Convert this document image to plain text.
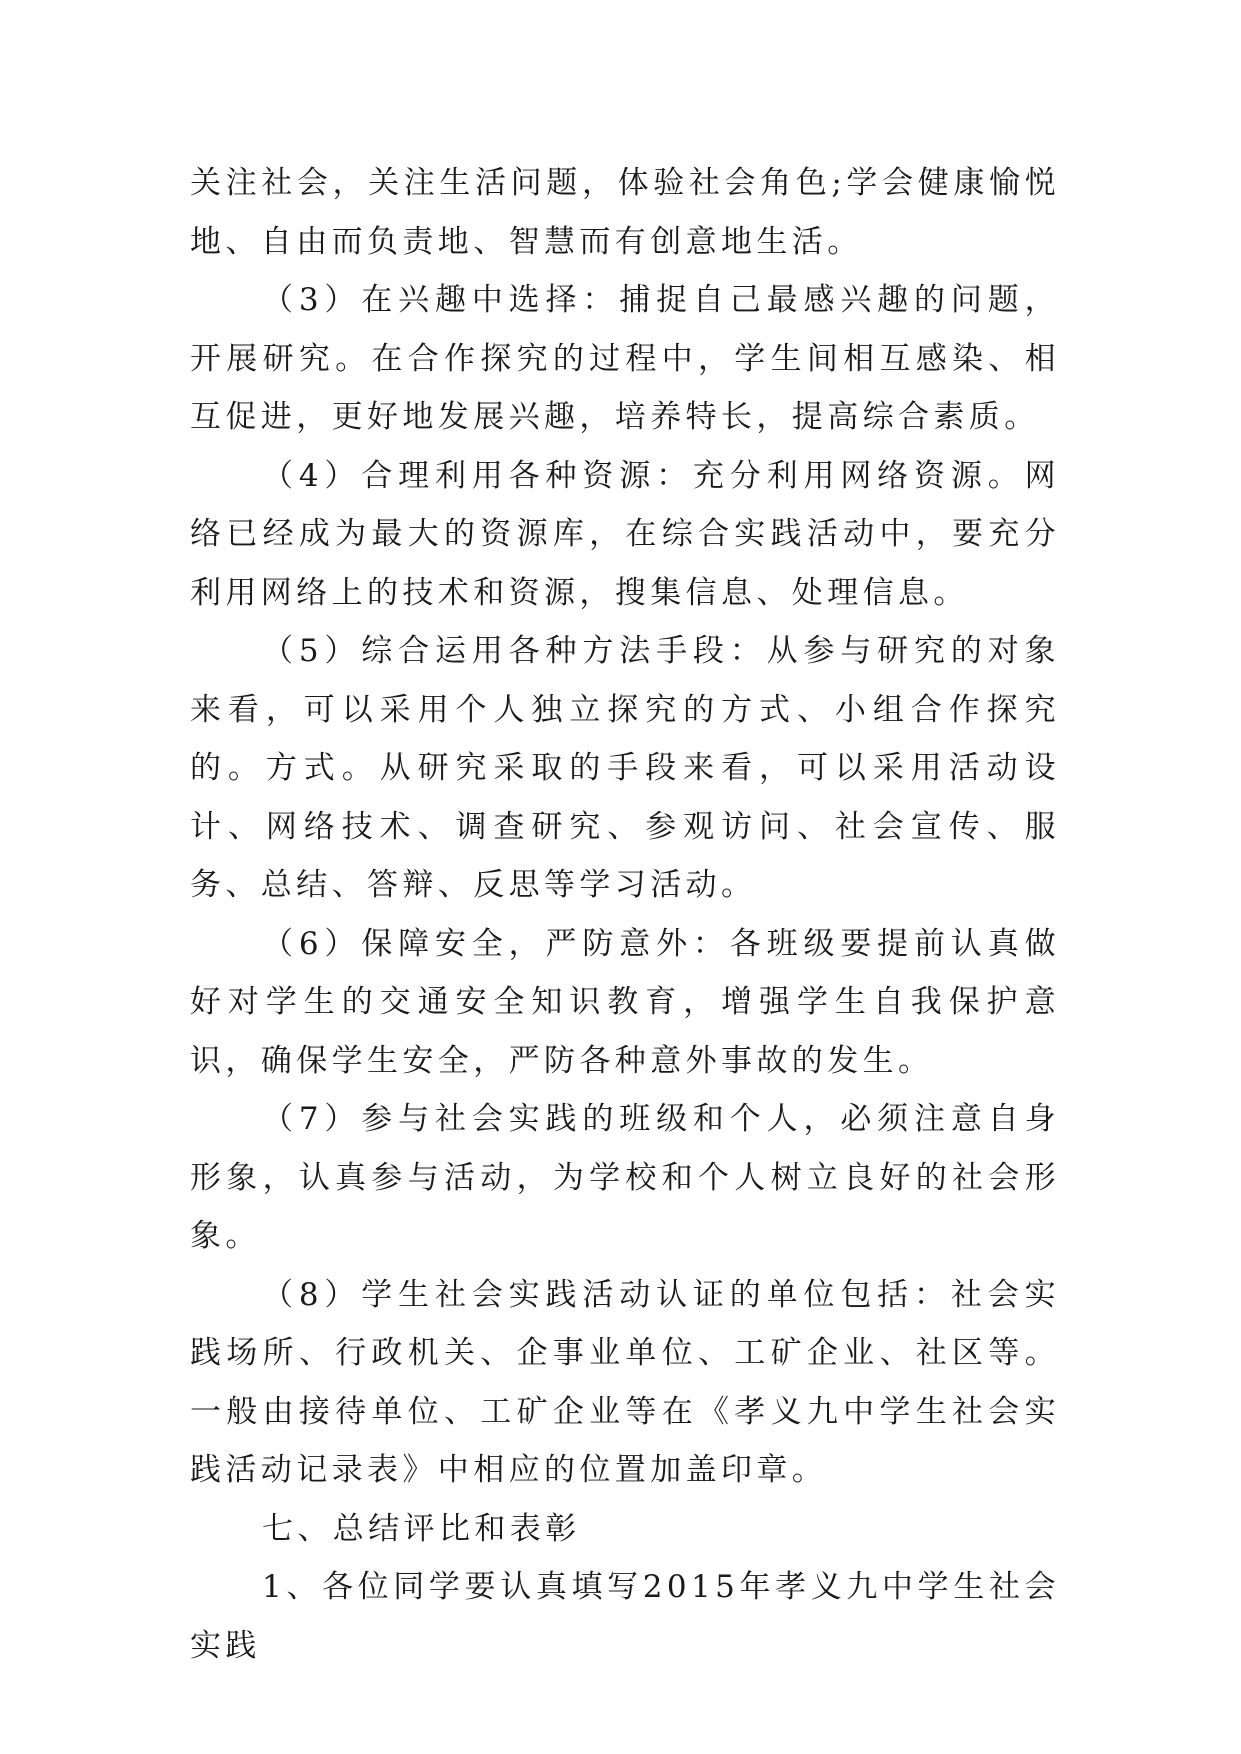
关注社会，关注生活问题，体验社会角色;学会健康愉悦地、自由而负责地、智慧而有创意地生活。

（3）在兴趣中选择：捕捉自己最感兴趣的问题，开展研究。在合作探究的过程中，学生间相互感染、相互促进，更好地发展兴趣，培养特长，提高综合素质。

（4）合理利用各种资源：充分利用网络资源。网络已经成为最大的资源库，在综合实践活动中，要充分利用网络上的技术和资源，搜集信息、处理信息。

（5）综合运用各种方法手段：从参与研究的对象来看，可以采用个人独立探究的方式、小组合作探究的。方式。从研究采取的手段来看，可以采用活动设计、网络技术、调查研究、参观访问、社会宣传、服务、总结、答辩、反思等学习活动。

（6）保障安全，严防意外：各班级要提前认真做好对学生的交通安全知识教育，增强学生自我保护意识，确保学生安全，严防各种意外事故的发生。

（7）参与社会实践的班级和个人，必须注意自身形象，认真参与活动，为学校和个人树立良好的社会形象。

（8）学生社会实践活动认证的单位包括：社会实践场所、行政机关、企事业单位、工矿企业、社区等。一般由接待单位、工矿企业等在《孝义九中学生社会实践活动记录表》中相应的位置加盖印章。

七、总结评比和表彰

1、各位同学要认真填写2015年孝义九中学生社会实践
